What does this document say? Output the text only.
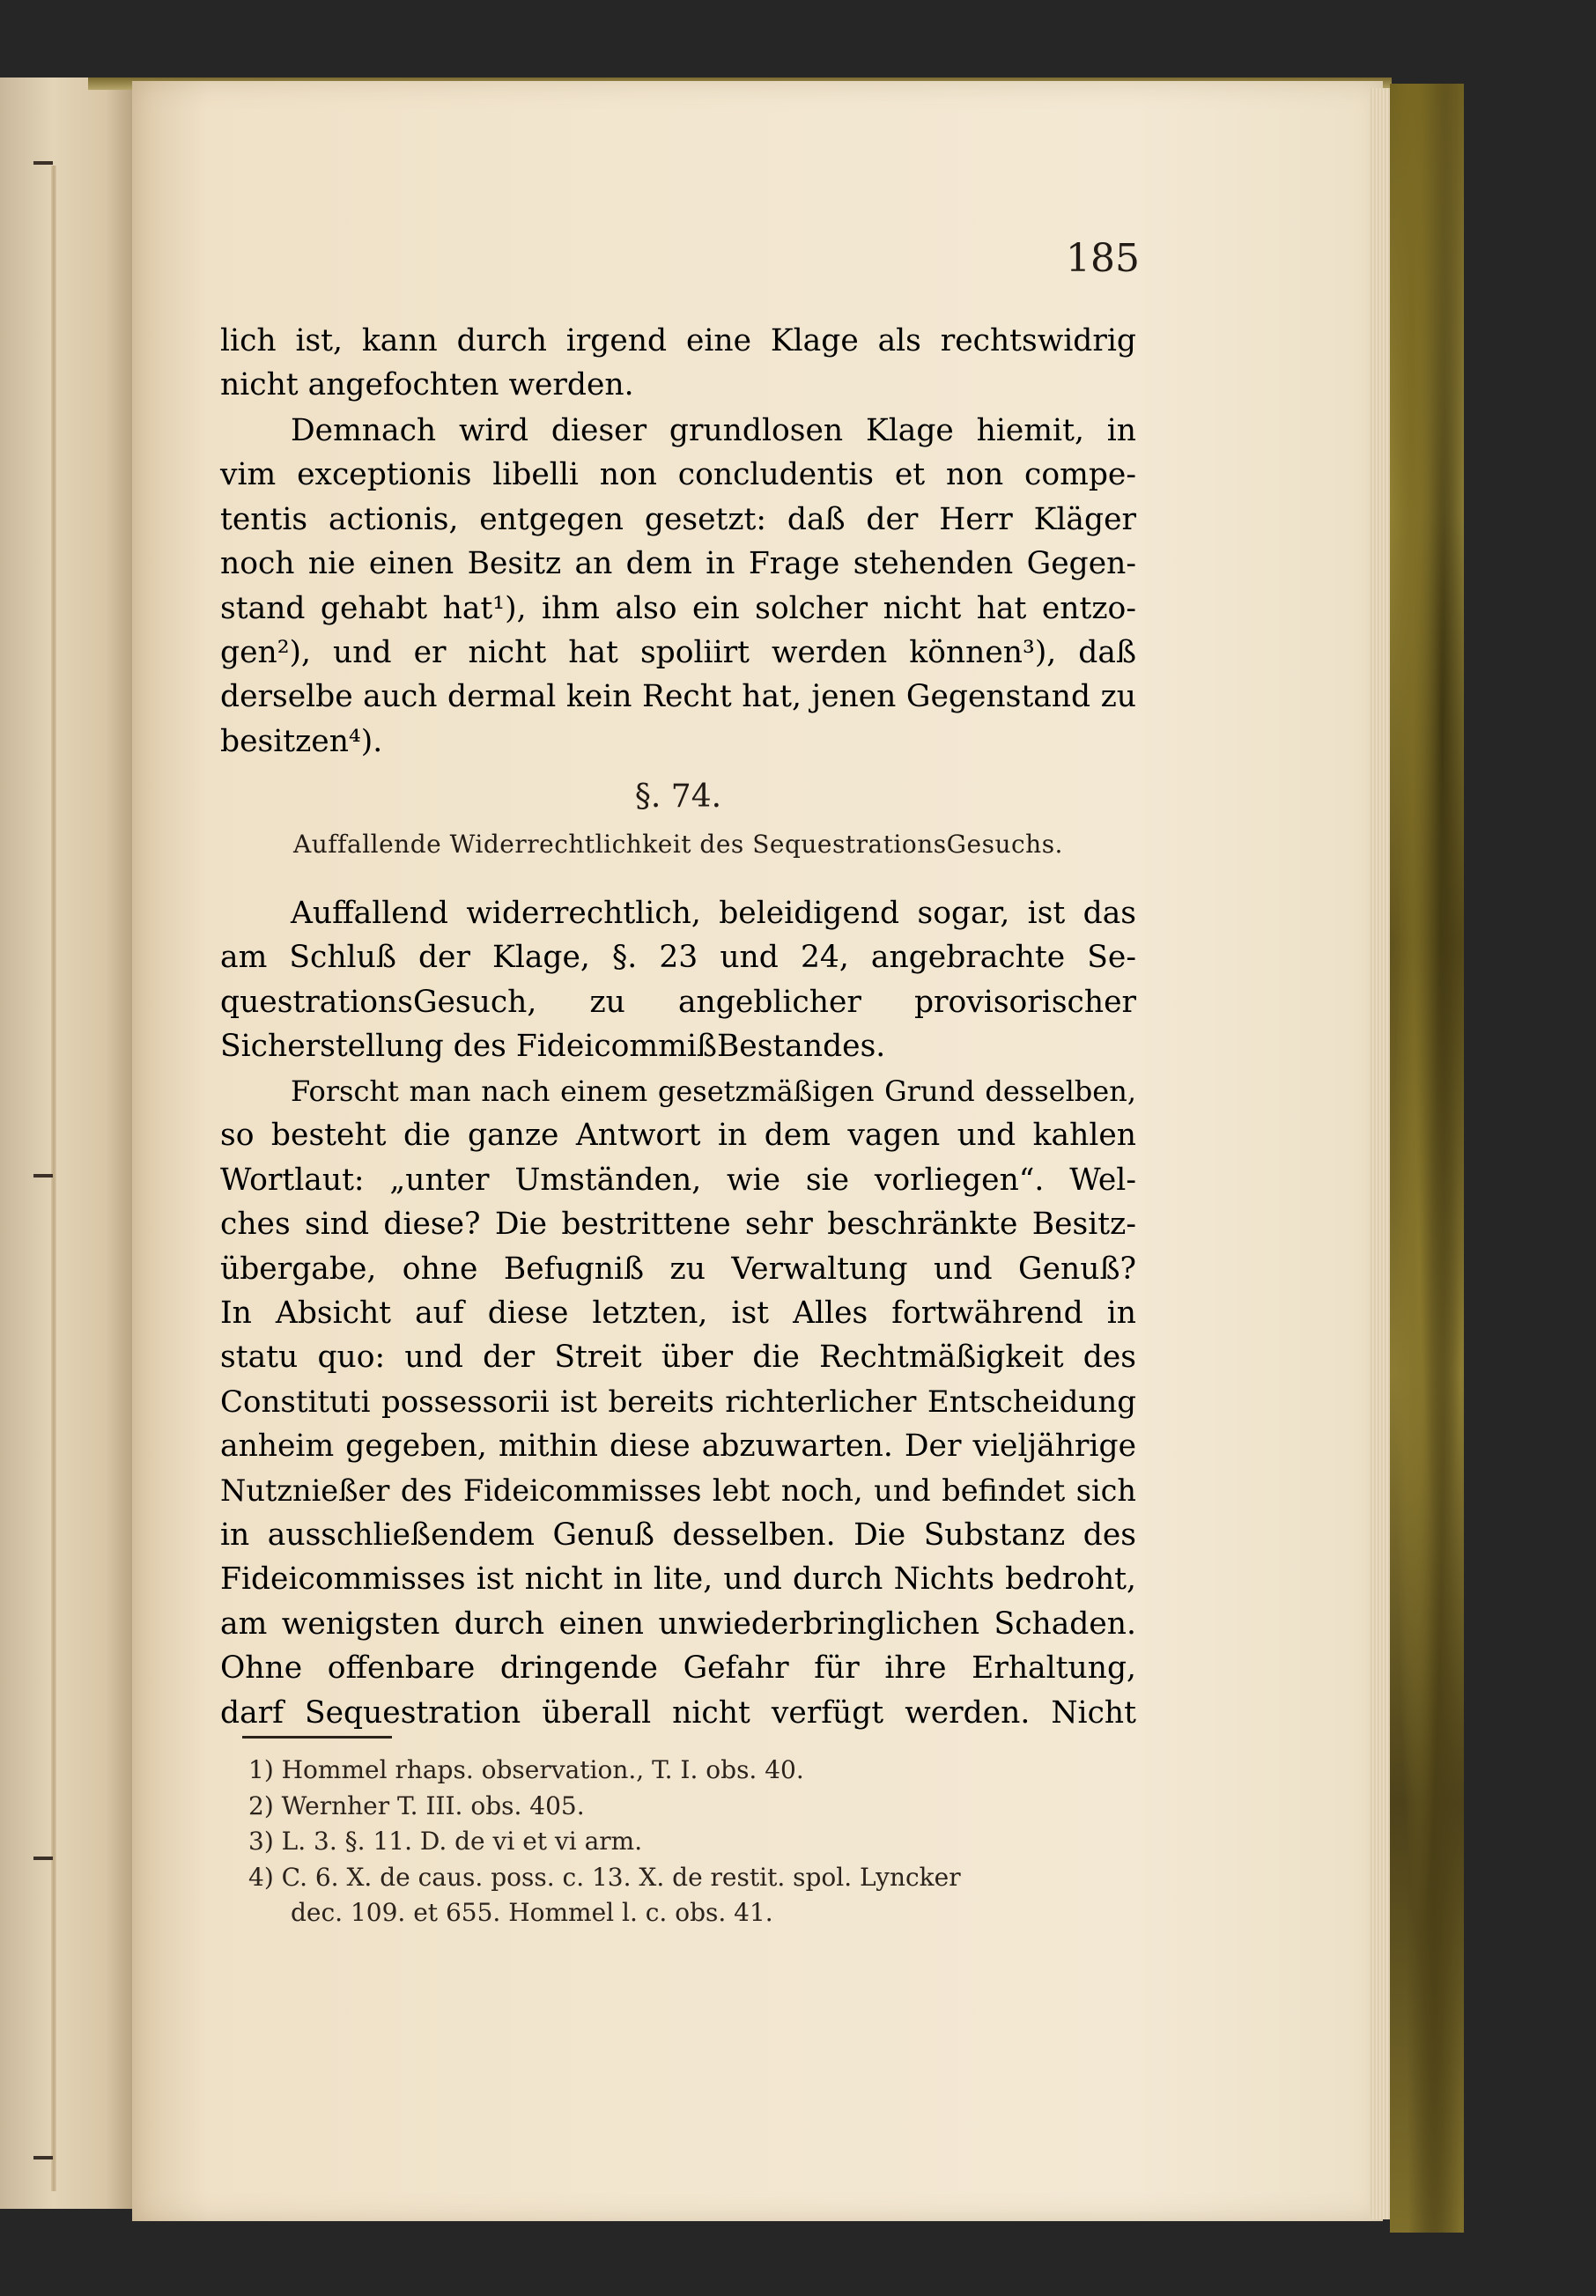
185
lich ist, kann durch irgend eine Klage als rechtswidrig
nicht angefochten werden.
Demnach wird dieser grundlosen Klage hiemit, in
vim exceptionis libelli non concludentis et non compe-
tentis actionis, entgegen gesetzt: daß der Herr Kläger
noch nie einen Besitz an dem in Frage stehenden Gegen-
stand gehabt hat¹), ihm also ein solcher nicht hat entzo-
gen²), und er nicht hat spoliirt werden können³), daß
derselbe auch dermal kein Recht hat, jenen Gegenstand zu
besitzen⁴).
§. 74.
Auffallende Widerrechtlichkeit des SequestrationsGesuchs.
Auffallend widerrechtlich, beleidigend sogar, ist das
am Schluß der Klage, §. 23 und 24, angebrachte Se-
questrationsGesuch, zu angeblicher provisorischer
Sicherstellung des FideicommißBestandes.
Forscht man nach einem gesetzmäßigen Grund desselben,
so besteht die ganze Antwort in dem vagen und kahlen
Wortlaut: „unter Umständen, wie sie vorliegen“. Wel-
ches sind diese? Die bestrittene sehr beschränkte Besitz-
übergabe, ohne Befugniß zu Verwaltung und Genuß?
In Absicht auf diese letzten, ist Alles fortwährend in
statu quo: und der Streit über die Rechtmäßigkeit des
Constituti possessorii ist bereits richterlicher Entscheidung
anheim gegeben, mithin diese abzuwarten. Der vieljährige
Nutznießer des Fideicommisses lebt noch, und befindet sich
in ausschließendem Genuß desselben. Die Substanz des
Fideicommisses ist nicht in lite, und durch Nichts bedroht,
am wenigsten durch einen unwiederbringlichen Schaden.
Ohne offenbare dringende Gefahr für ihre Erhaltung,
darf Sequestration überall nicht verfügt werden. Nicht
1) Hommel rhaps. observation., T. I. obs. 40.
2) Wernher T. III. obs. 405.
3) L. 3. §. 11. D. de vi et vi arm.
4) C. 6. X. de caus. poss. c. 13. X. de restit. spol. Lyncker
dec. 109. et 655. Hommel l. c. obs. 41.
